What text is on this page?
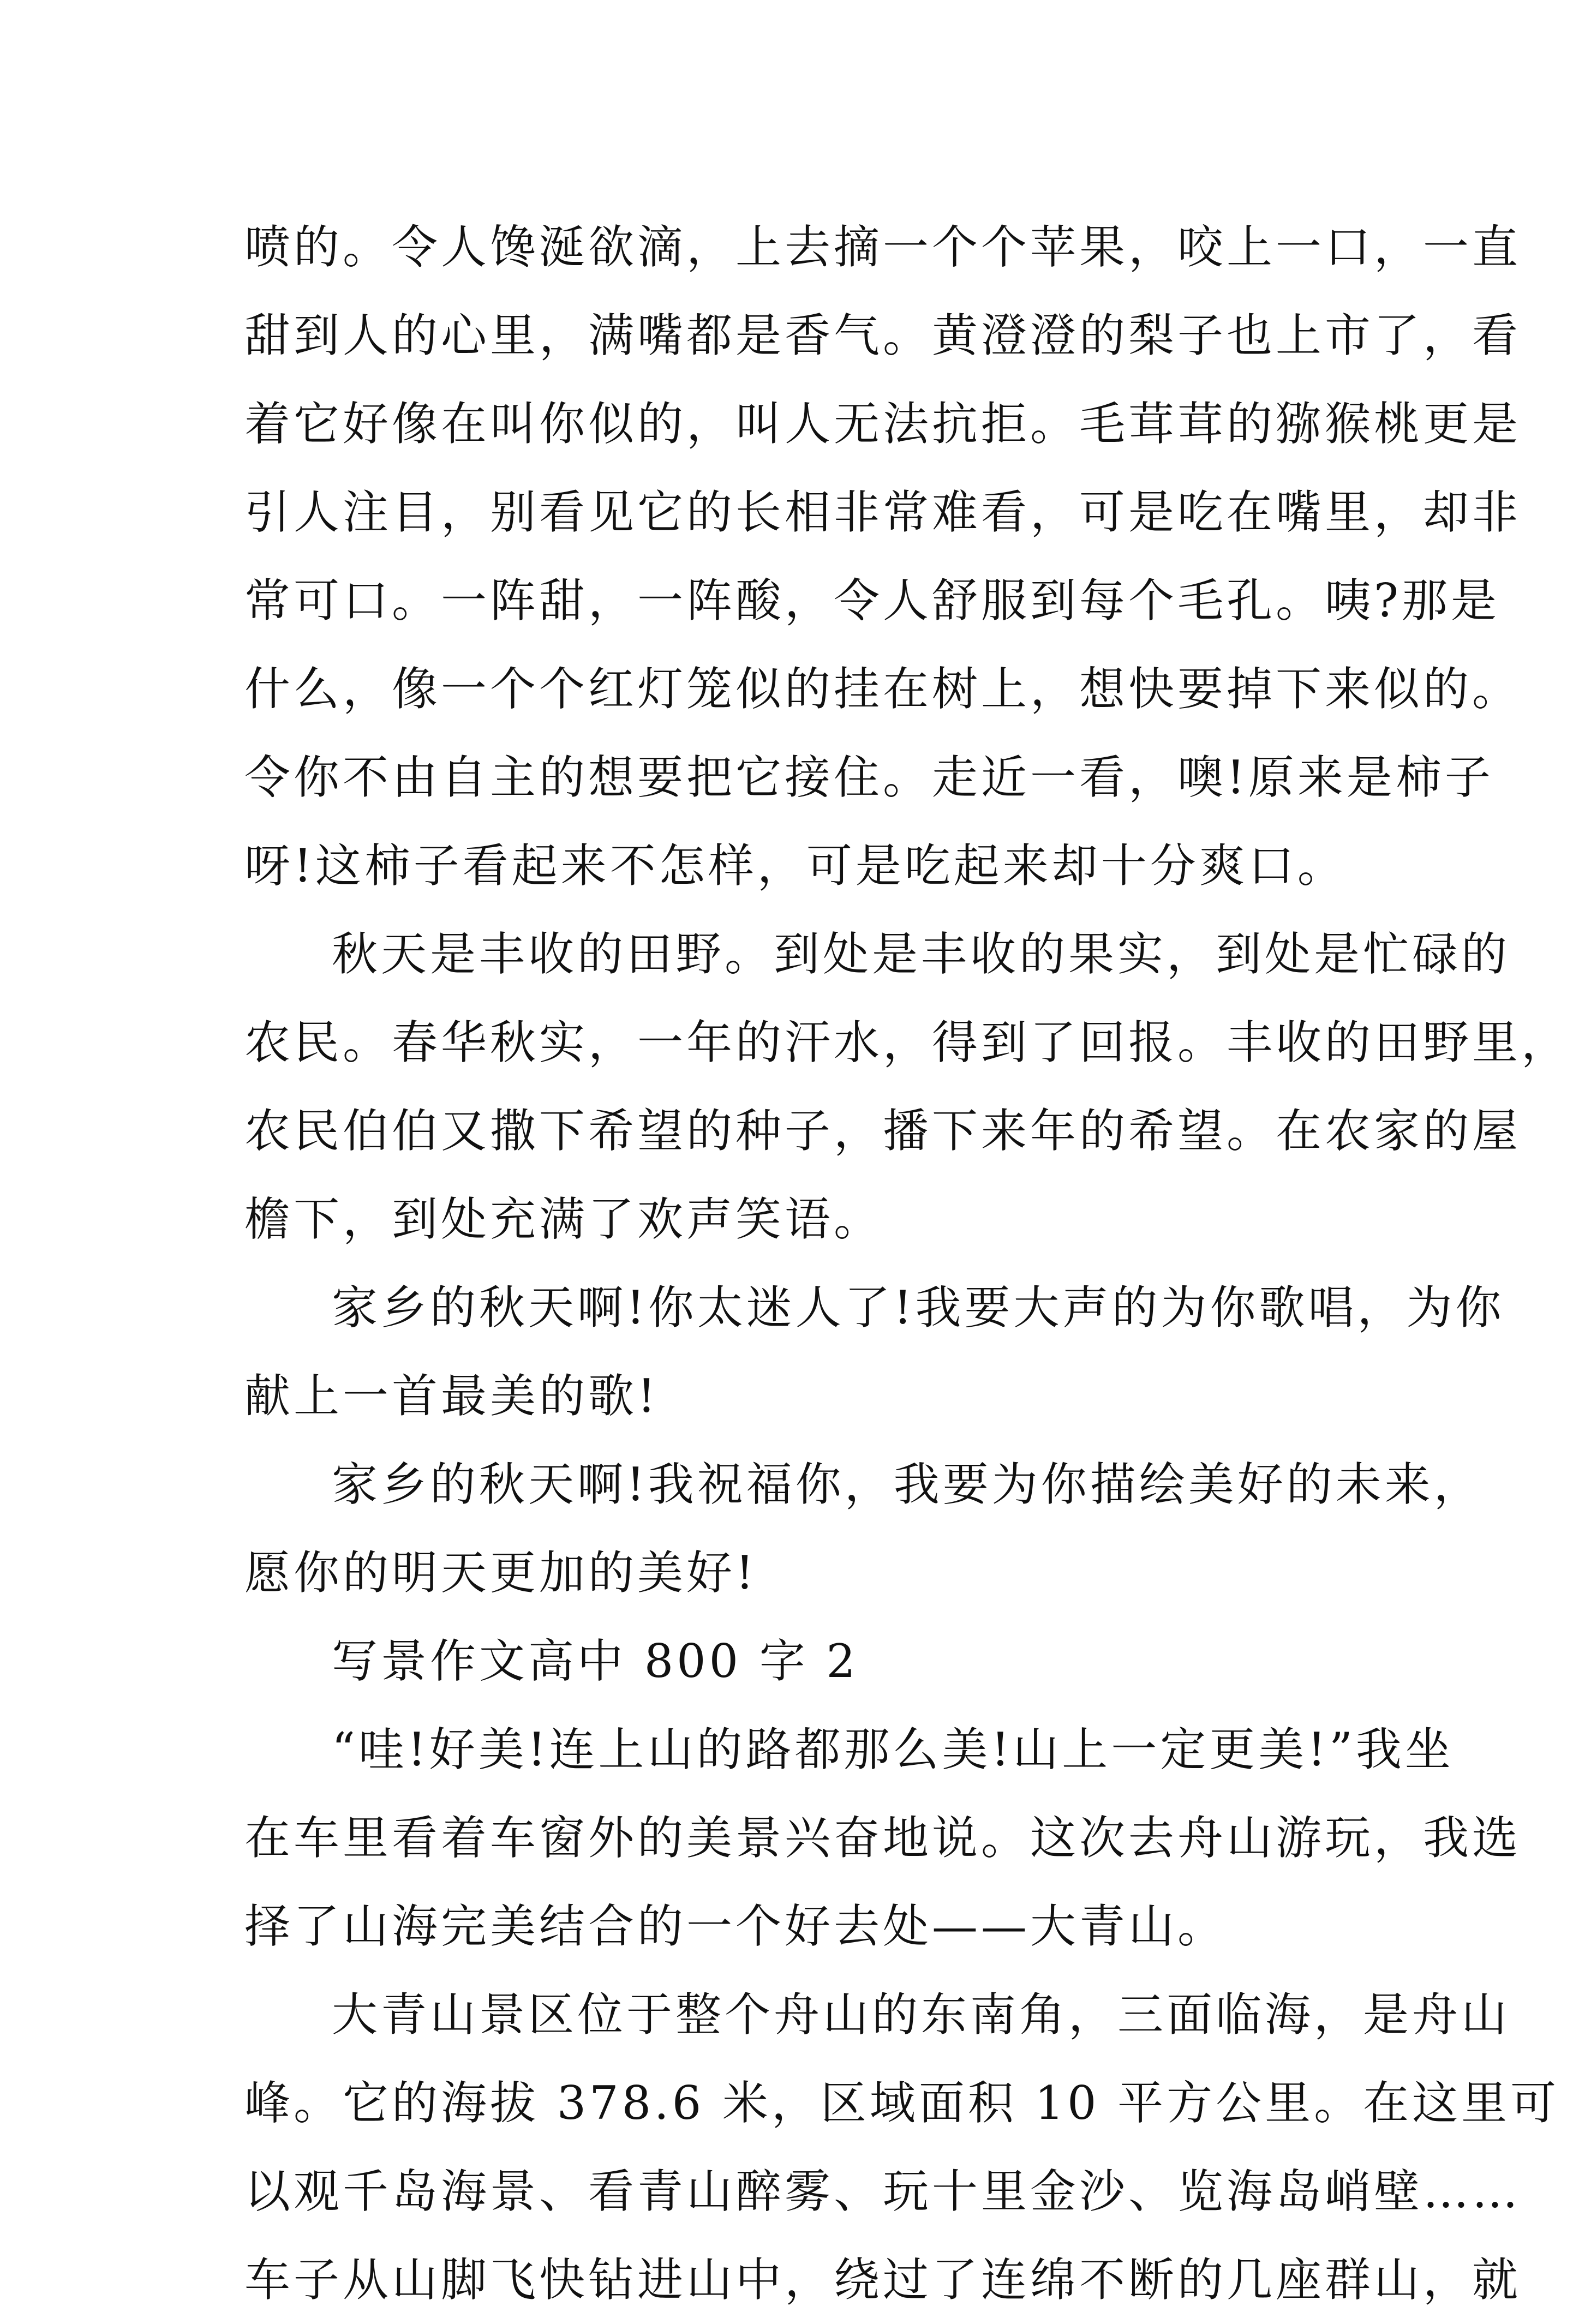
喷的。令人馋涎欲滴，上去摘一个个苹果，咬上一口，一直
甜到人的心里，满嘴都是香气。黄澄澄的梨子也上市了，看
着它好像在叫你似的，叫人无法抗拒。毛茸茸的猕猴桃更是
引人注目，别看见它的长相非常难看，可是吃在嘴里，却非
常可口。一阵甜，一阵酸，令人舒服到每个毛孔。咦?那是
什么，像一个个红灯笼似的挂在树上，想快要掉下来似的。
令你不由自主的想要把它接住。走近一看，噢!原来是柿子
呀!这柿子看起来不怎样，可是吃起来却十分爽口。
秋天是丰收的田野。到处是丰收的果实，到处是忙碌的
农民。春华秋实，一年的汗水，得到了回报。丰收的田野里，
农民伯伯又撒下希望的种子，播下来年的希望。在农家的屋
檐下，到处充满了欢声笑语。
家乡的秋天啊!你太迷人了!我要大声的为你歌唱，为你
献上一首最美的歌!
家乡的秋天啊!我祝福你，我要为你描绘美好的未来，
愿你的明天更加的美好!
写景作文高中 800 字 2
“哇!好美!连上山的路都那么美!山上一定更美!”我坐
在车里看着车窗外的美景兴奋地说。这次去舟山游玩，我选
择了山海完美结合的一个好去处——大青山。
大青山景区位于整个舟山的东南角，三面临海，是舟山
峰。它的海拔 378.6 米，区域面积 10 平方公里。在这里可
以观千岛海景、看青山醉雾、玩十里金沙、览海岛峭壁……
车子从山脚飞快钻进山中，绕过了连绵不断的几座群山，就
